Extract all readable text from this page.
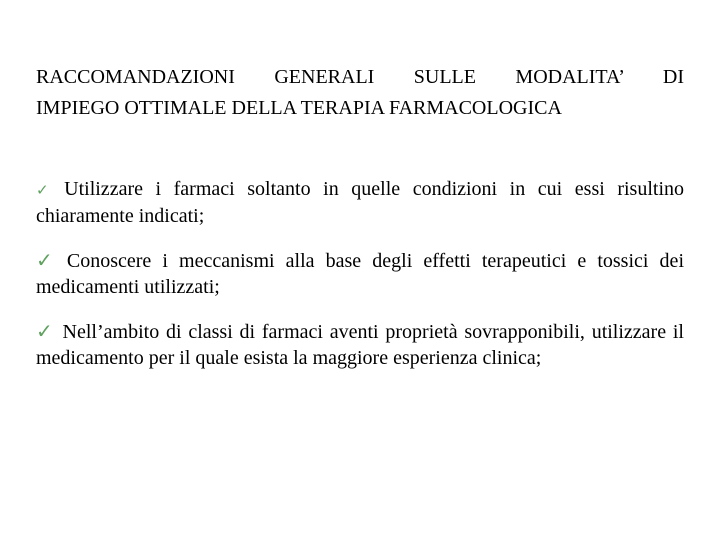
RACCOMANDAZIONI GENERALI SULLE MODALITA’ DI
IMPIEGO OTTIMALE DELLA TERAPIA FARMACOLOGICA

✓ Utilizzare i farmaci soltanto in quelle condizioni in cui essi risultino chiaramente indicati;

✓ Conoscere i meccanismi alla base degli effetti terapeutici e tossici dei medicamenti utilizzati;

✓ Nell’ambito di classi di farmaci aventi proprietà sovrapponibili, utilizzare il medicamento per il quale esista la maggiore esperienza clinica;
